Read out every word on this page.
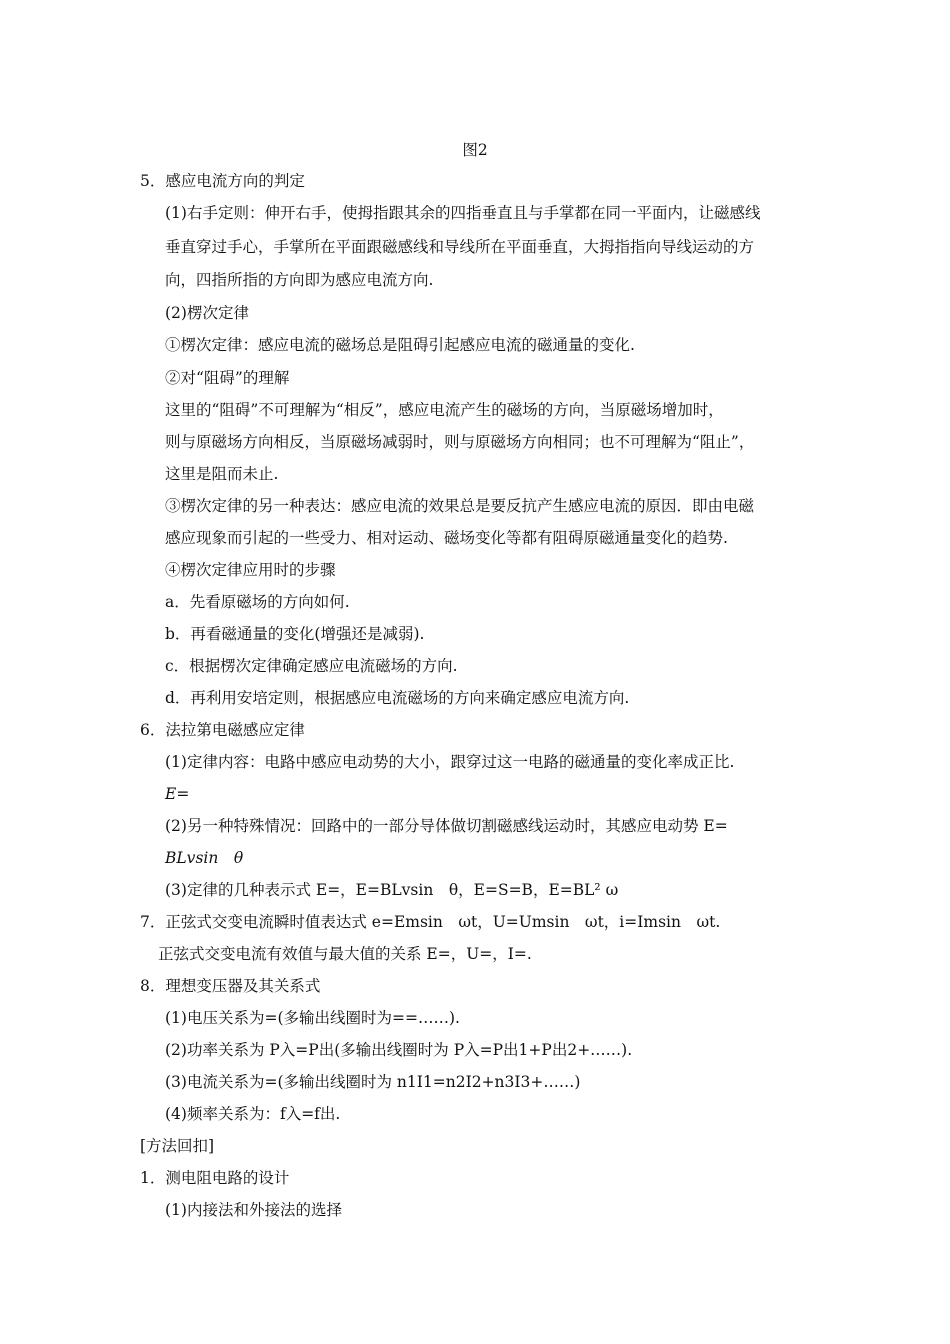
图2
5．感应电流方向的判定
(1)右手定则：伸开右手，使拇指跟其余的四指垂直且与手掌都在同一平面内，让磁感线
垂直穿过手心，手掌所在平面跟磁感线和导线所在平面垂直，大拇指指向导线运动的方
向，四指所指的方向即为感应电流方向.
(2)楞次定律
①楞次定律：感应电流的磁场总是阻碍引起感应电流的磁通量的变化.
②对“阻碍”的理解
这里的“阻碍”不可理解为“相反”，感应电流产生的磁场的方向，当原磁场增加时，
则与原磁场方向相反，当原磁场减弱时，则与原磁场方向相同；也不可理解为“阻止”，
这里是阻而未止.
③楞次定律的另一种表达：感应电流的效果总是要反抗产生感应电流的原因．即由电磁
感应现象而引起的一些受力、相对运动、磁场变化等都有阻碍原磁通量变化的趋势.
④楞次定律应用时的步骤
a．先看原磁场的方向如何.
b．再看磁通量的变化(增强还是减弱).
c．根据楞次定律确定感应电流磁场的方向.
d．再利用安培定则，根据感应电流磁场的方向来确定感应电流方向.
6．法拉第电磁感应定律
(1)定律内容：电路中感应电动势的大小，跟穿过这一电路的磁通量的变化率成正比.
E=
(2)另一种特殊情况：回路中的一部分导体做切割磁感线运动时，其感应电动势 E=
BLvsin　θ
(3)定律的几种表示式 E=，E=BLvsin　θ，E=S=B，E=BL² ω
7．正弦式交变电流瞬时值表达式 e=Emsin　ωt，U=Umsin　ωt，i=Imsin　ωt.
正弦式交变电流有效值与最大值的关系 E=，U=，I=.
8．理想变压器及其关系式
(1)电压关系为=(多输出线圈时为==……).
(2)功率关系为 P入=P出(多输出线圈时为 P入=P出1+P出2+……).
(3)电流关系为=(多输出线圈时为 n1I1=n2I2+n3I3+……)
(4)频率关系为：f入=f出.
[方法回扣]
1．测电阻电路的设计
(1)内接法和外接法的选择
